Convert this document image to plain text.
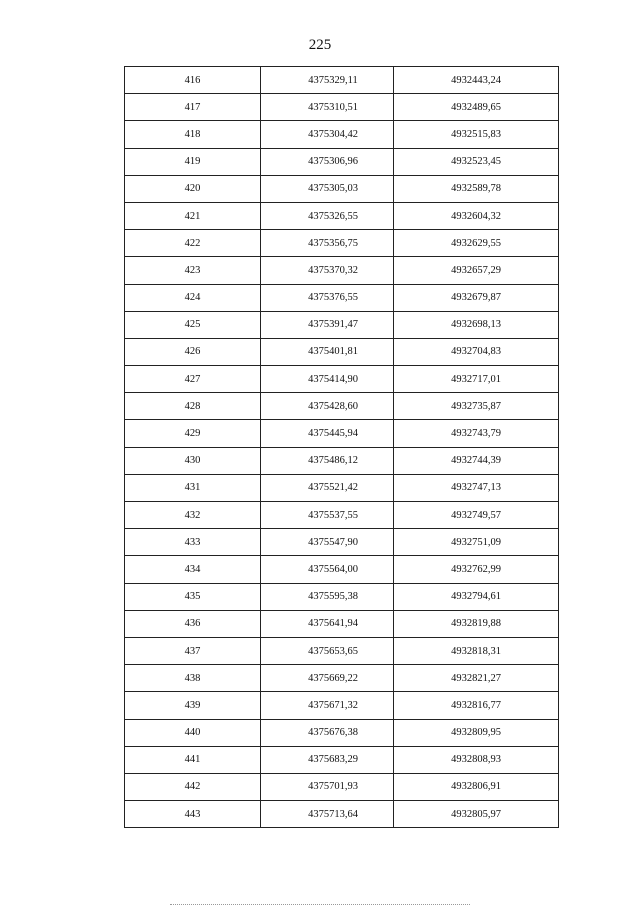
225
416	4375329,11	4932443,24
417	4375310,51	4932489,65
418	4375304,42	4932515,83
419	4375306,96	4932523,45
420	4375305,03	4932589,78
421	4375326,55	4932604,32
422	4375356,75	4932629,55
423	4375370,32	4932657,29
424	4375376,55	4932679,87
425	4375391,47	4932698,13
426	4375401,81	4932704,83
427	4375414,90	4932717,01
428	4375428,60	4932735,87
429	4375445,94	4932743,79
430	4375486,12	4932744,39
431	4375521,42	4932747,13
432	4375537,55	4932749,57
433	4375547,90	4932751,09
434	4375564,00	4932762,99
435	4375595,38	4932794,61
436	4375641,94	4932819,88
437	4375653,65	4932818,31
438	4375669,22	4932821,27
439	4375671,32	4932816,77
440	4375676,38	4932809,95
441	4375683,29	4932808,93
442	4375701,93	4932806,91
443	4375713,64	4932805,97
